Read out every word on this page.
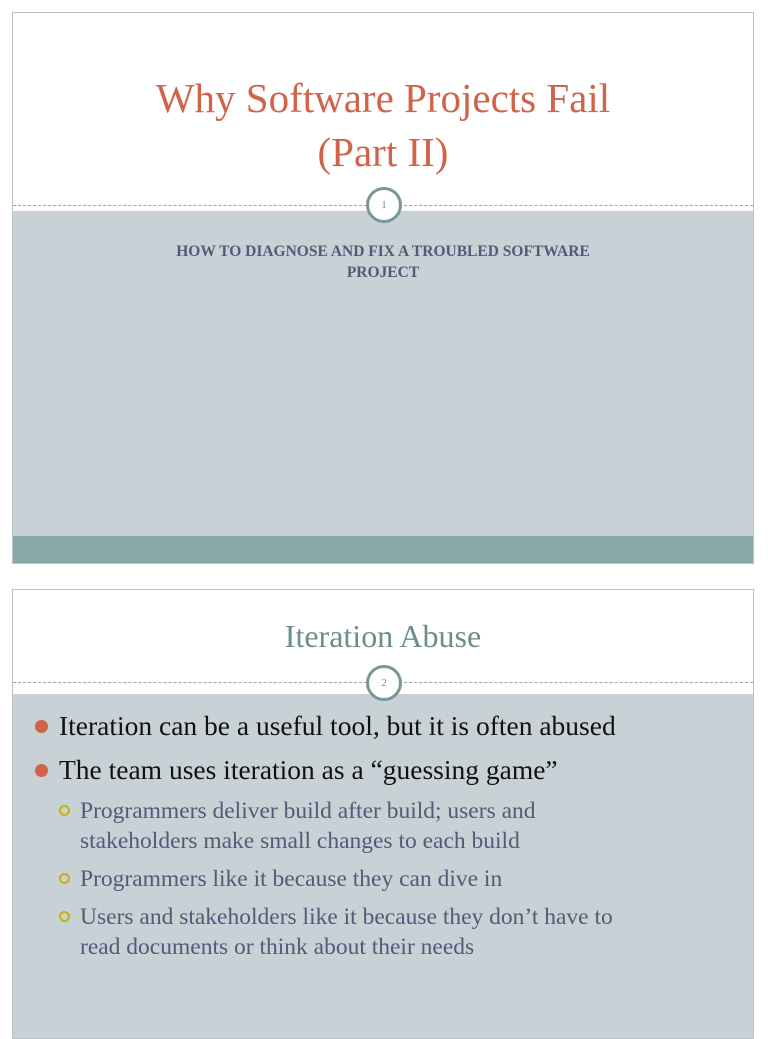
Why Software Projects Fail
(Part II)
1
HOW TO DIAGNOSE AND FIX A TROUBLED SOFTWARE
PROJECT
Iteration Abuse
2
Iteration can be a useful tool, but it is often abused
The team uses iteration as a “guessing game”
Programmers deliver build after build; users and
stakeholders make small changes to each build
Programmers like it because they can dive in
Users and stakeholders like it because they don’t have to
read documents or think about their needs
